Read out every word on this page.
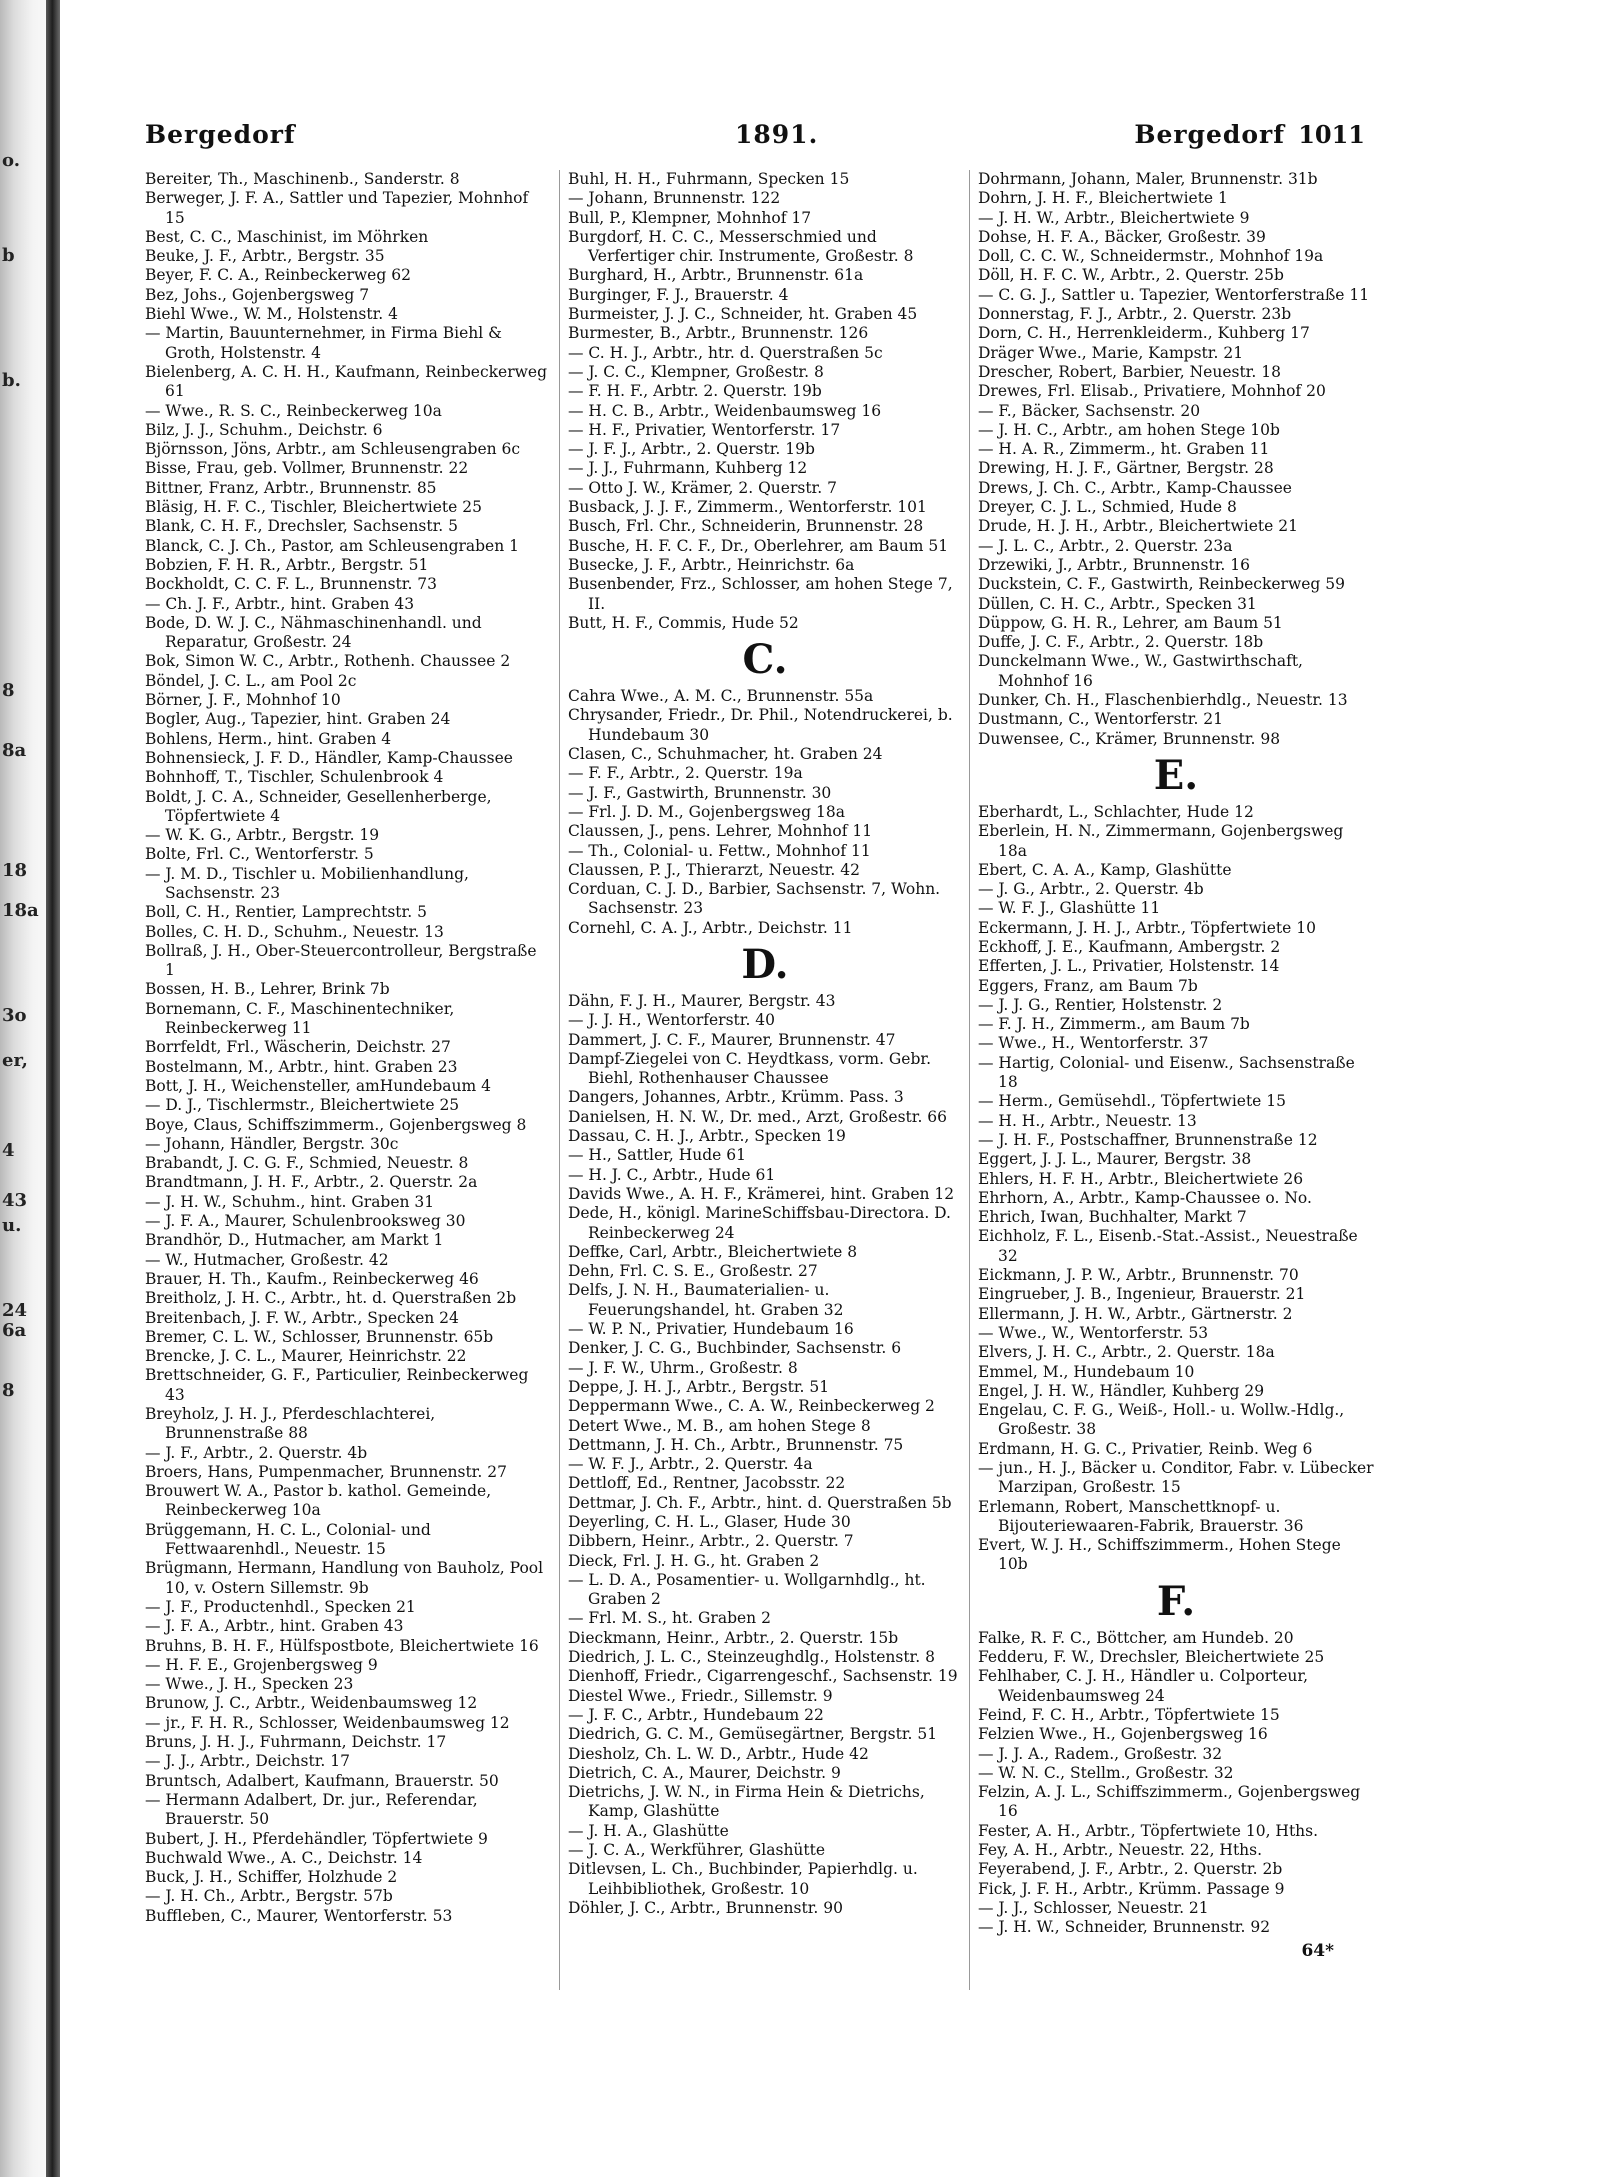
o.
b
b.
8
8a
18
18a
3o
er,
4
43
u.
24
6a
8
Bergedorf	1891.	Bergedorf 1011

Bereiter, Th., Maschinenb., Sanderstr. 8

Berweger, J. F. A., Sattler und Tapezier, Mohnhof 15

Best, C. C., Maschinist, im Möhrken

Beuke, J. F., Arbtr., Bergstr. 35

Beyer, F. C. A., Reinbeckerweg 62

Bez, Johs., Gojenbergsweg 7

Biehl Wwe., W. M., Holstenstr. 4

— Martin, Bauunternehmer, in Firma Biehl & Groth, Holstenstr. 4

Bielenberg, A. C. H. H., Kaufmann, Reinbeckerweg 61

— Wwe., R. S. C., Reinbeckerweg 10a

Bilz, J. J., Schuhm., Deichstr. 6

Björnsson, Jöns, Arbtr., am Schleusengraben 6c

Bisse, Frau, geb. Vollmer, Brunnenstr. 22

Bittner, Franz, Arbtr., Brunnenstr. 85

Bläsig, H. F. C., Tischler, Bleichertwiete 25

Blank, C. H. F., Drechsler, Sachsenstr. 5

Blanck, C. J. Ch., Pastor, am Schleusengraben 1

Bobzien, F. H. R., Arbtr., Bergstr. 51

Bockholdt, C. C. F. L., Brunnenstr. 73

— Ch. J. F., Arbtr., hint. Graben 43

Bode, D. W. J. C., Nähmaschinenhandl. und Reparatur, Großestr. 24

Bok, Simon W. C., Arbtr., Rothenh. Chaussee 2

Böndel, J. C. L., am Pool 2c

Börner, J. F., Mohnhof 10

Bogler, Aug., Tapezier, hint. Graben 24

Bohlens, Herm., hint. Graben 4

Bohnensieck, J. F. D., Händler, Kamp-Chaussee

Bohnhoff, T., Tischler, Schulenbrook 4

Boldt, J. C. A., Schneider, Gesellenherberge, Töpfertwiete 4

— W. K. G., Arbtr., Bergstr. 19

Bolte, Frl. C., Wentorferstr. 5

— J. M. D., Tischler u. Mobilienhandlung, Sachsenstr. 23

Boll, C. H., Rentier, Lamprechtstr. 5

Bolles, C. H. D., Schuhm., Neuestr. 13

Bollraß, J. H., Ober-Steuercontrolleur, Bergstraße 1

Bossen, H. B., Lehrer, Brink 7b

Bornemann, C. F., Maschinentechniker, Reinbeckerweg 11

Borrfeldt, Frl., Wäscherin, Deichstr. 27

Bostelmann, M., Arbtr., hint. Graben 23

Bott, J. H., Weichensteller, amHundebaum 4

— D. J., Tischlermstr., Bleichertwiete 25

Boye, Claus, Schiffszimmerm., Gojenbergsweg 8

— Johann, Händler, Bergstr. 30c

Brabandt, J. C. G. F., Schmied, Neuestr. 8

Brandtmann, J. H. F., Arbtr., 2. Querstr. 2a

— J. H. W., Schuhm., hint. Graben 31

— J. F. A., Maurer, Schulenbrooksweg 30

Brandhör, D., Hutmacher, am Markt 1

— W., Hutmacher, Großestr. 42

Brauer, H. Th., Kaufm., Reinbeckerweg 46

Breitholz, J. H. C., Arbtr., ht. d. Querstraßen 2b

Breitenbach, J. F. W., Arbtr., Specken 24

Bremer, C. L. W., Schlosser, Brunnenstr. 65b

Brencke, J. C. L., Maurer, Heinrichstr. 22

Brettschneider, G. F., Particulier, Reinbeckerweg 43

Breyholz, J. H. J., Pferdeschlachterei, Brunnenstraße 88

— J. F., Arbtr., 2. Querstr. 4b

Broers, Hans, Pumpenmacher, Brunnenstr. 27

Brouwert W. A., Pastor b. kathol. Gemeinde, Reinbeckerweg 10a

Brüggemann, H. C. L., Colonial- und Fettwaarenhdl., Neuestr. 15

Brügmann, Hermann, Handlung von Bauholz, Pool 10, v. Ostern Sillemstr. 9b

— J. F., Productenhdl., Specken 21

— J. F. A., Arbtr., hint. Graben 43

Bruhns, B. H. F., Hülfspostbote, Bleichertwiete 16

— H. F. E., Grojenbergsweg 9

— Wwe., J. H., Specken 23

Brunow, J. C., Arbtr., Weidenbaumsweg 12

— jr., F. H. R., Schlosser, Weidenbaumsweg 12

Bruns, J. H. J., Fuhrmann, Deichstr. 17

— J. J., Arbtr., Deichstr. 17

Bruntsch, Adalbert, Kaufmann, Brauerstr. 50

— Hermann Adalbert, Dr. jur., Referendar, Brauerstr. 50

Bubert, J. H., Pferdehändler, Töpfertwiete 9

Buchwald Wwe., A. C., Deichstr. 14

Buck, J. H., Schiffer, Holzhude 2

— J. H. Ch., Arbtr., Bergstr. 57b

Buffleben, C., Maurer, Wentorferstr. 53

Buhl, H. H., Fuhrmann, Specken 15

— Johann, Brunnenstr. 122

Bull, P., Klempner, Mohnhof 17

Burgdorf, H. C. C., Messerschmied und Verfertiger chir. Instrumente, Großestr. 8

Burghard, H., Arbtr., Brunnenstr. 61a

Burginger, F. J., Brauerstr. 4

Burmeister, J. J. C., Schneider, ht. Graben 45

Burmester, B., Arbtr., Brunnenstr. 126

— C. H. J., Arbtr., htr. d. Querstraßen 5c

— J. C. C., Klempner, Großestr. 8

— F. H. F., Arbtr. 2. Querstr. 19b

— H. C. B., Arbtr., Weidenbaumsweg 16

— H. F., Privatier, Wentorferstr. 17

— J. F. J., Arbtr., 2. Querstr. 19b

— J. J., Fuhrmann, Kuhberg 12

— Otto J. W., Krämer, 2. Querstr. 7

Busback, J. J. F., Zimmerm., Wentorferstr. 101

Busch, Frl. Chr., Schneiderin, Brunnenstr. 28

Busche, H. F. C. F., Dr., Oberlehrer, am Baum 51

Busecke, J. F., Arbtr., Heinrichstr. 6a

Busenbender, Frz., Schlosser, am hohen Stege 7, II.

Butt, H. F., Commis, Hude 52

C.

Cahra Wwe., A. M. C., Brunnenstr. 55a

Chrysander, Friedr., Dr. Phil., Notendruckerei, b. Hundebaum 30

Clasen, C., Schuhmacher, ht. Graben 24

— F. F., Arbtr., 2. Querstr. 19a

— J. F., Gastwirth, Brunnenstr. 30

— Frl. J. D. M., Gojenbergsweg 18a

Claussen, J., pens. Lehrer, Mohnhof 11

— Th., Colonial- u. Fettw., Mohnhof 11

Claussen, P. J., Thierarzt, Neuestr. 42

Corduan, C. J. D., Barbier, Sachsenstr. 7, Wohn. Sachsenstr. 23

Cornehl, C. A. J., Arbtr., Deichstr. 11

D.

Dähn, F. J. H., Maurer, Bergstr. 43

— J. J. H., Wentorferstr. 40

Dammert, J. C. F., Maurer, Brunnenstr. 47

Dampf-Ziegelei von C. Heydtkass, vorm. Gebr. Biehl, Rothenhauser Chaussee

Dangers, Johannes, Arbtr., Krümm. Pass. 3

Danielsen, H. N. W., Dr. med., Arzt, Großestr. 66

Dassau, C. H. J., Arbtr., Specken 19

— H., Sattler, Hude 61

— H. J. C., Arbtr., Hude 61

Davids Wwe., A. H. F., Krämerei, hint. Graben 12

Dede, H., königl. MarineSchiffsbau-Directora. D. Reinbeckerweg 24

Deffke, Carl, Arbtr., Bleichertwiete 8

Dehn, Frl. C. S. E., Großestr. 27

Delfs, J. N. H., Baumaterialien- u. Feuerungshandel, ht. Graben 32

— W. P. N., Privatier, Hundebaum 16

Denker, J. C. G., Buchbinder, Sachsenstr. 6

— J. F. W., Uhrm., Großestr. 8

Deppe, J. H. J., Arbtr., Bergstr. 51

Deppermann Wwe., C. A. W., Reinbeckerweg 2

Detert Wwe., M. B., am hohen Stege 8

Dettmann, J. H. Ch., Arbtr., Brunnenstr. 75

— W. F. J., Arbtr., 2. Querstr. 4a

Dettloff, Ed., Rentner, Jacobsstr. 22

Dettmar, J. Ch. F., Arbtr., hint. d. Querstraßen 5b

Deyerling, C. H. L., Glaser, Hude 30

Dibbern, Heinr., Arbtr., 2. Querstr. 7

Dieck, Frl. J. H. G., ht. Graben 2

— L. D. A., Posamentier- u. Wollgarnhdlg., ht. Graben 2

— Frl. M. S., ht. Graben 2

Dieckmann, Heinr., Arbtr., 2. Querstr. 15b

Diedrich, J. L. C., Steinzeughdlg., Holstenstr. 8

Dienhoff, Friedr., Cigarrengeschf., Sachsenstr. 19

Diestel Wwe., Friedr., Sillemstr. 9

— J. F. C., Arbtr., Hundebaum 22

Diedrich, G. C. M., Gemüsegärtner, Bergstr. 51

Diesholz, Ch. L. W. D., Arbtr., Hude 42

Dietrich, C. A., Maurer, Deichstr. 9

Dietrichs, J. W. N., in Firma Hein & Dietrichs, Kamp, Glashütte

— J. H. A., Glashütte

— J. C. A., Werkführer, Glashütte

Ditlevsen, L. Ch., Buchbinder, Papierhdlg. u. Leihbibliothek, Großestr. 10

Döhler, J. C., Arbtr., Brunnenstr. 90

Dohrmann, Johann, Maler, Brunnenstr. 31b

Dohrn, J. H. F., Bleichertwiete 1

— J. H. W., Arbtr., Bleichertwiete 9

Dohse, H. F. A., Bäcker, Großestr. 39

Doll, C. C. W., Schneidermstr., Mohnhof 19a

Döll, H. F. C. W., Arbtr., 2. Querstr. 25b

— C. G. J., Sattler u. Tapezier, Wentorferstraße 11

Donnerstag, F. J., Arbtr., 2. Querstr. 23b

Dorn, C. H., Herrenkleiderm., Kuhberg 17

Dräger Wwe., Marie, Kampstr. 21

Drescher, Robert, Barbier, Neuestr. 18

Drewes, Frl. Elisab., Privatiere, Mohnhof 20

— F., Bäcker, Sachsenstr. 20

— J. H. C., Arbtr., am hohen Stege 10b

— H. A. R., Zimmerm., ht. Graben 11

Drewing, H. J. F., Gärtner, Bergstr. 28

Drews, J. Ch. C., Arbtr., Kamp-Chaussee

Dreyer, C. J. L., Schmied, Hude 8

Drude, H. J. H., Arbtr., Bleichertwiete 21

— J. L. C., Arbtr., 2. Querstr. 23a

Drzewiki, J., Arbtr., Brunnenstr. 16

Duckstein, C. F., Gastwirth, Reinbeckerweg 59

Düllen, C. H. C., Arbtr., Specken 31

Düppow, G. H. R., Lehrer, am Baum 51

Duffe, J. C. F., Arbtr., 2. Querstr. 18b

Dunckelmann Wwe., W., Gastwirthschaft, Mohnhof 16

Dunker, Ch. H., Flaschenbierhdlg., Neuestr. 13

Dustmann, C., Wentorferstr. 21

Duwensee, C., Krämer, Brunnenstr. 98

E.

Eberhardt, L., Schlachter, Hude 12

Eberlein, H. N., Zimmermann, Gojenbergsweg 18a

Ebert, C. A. A., Kamp, Glashütte

— J. G., Arbtr., 2. Querstr. 4b

— W. F. J., Glashütte 11

Eckermann, J. H. J., Arbtr., Töpfertwiete 10

Eckhoff, J. E., Kaufmann, Ambergstr. 2

Efferten, J. L., Privatier, Holstenstr. 14

Eggers, Franz, am Baum 7b

— J. J. G., Rentier, Holstenstr. 2

— F. J. H., Zimmerm., am Baum 7b

— Wwe., H., Wentorferstr. 37

— Hartig, Colonial- und Eisenw., Sachsenstraße 18

— Herm., Gemüsehdl., Töpfertwiete 15

— H. H., Arbtr., Neuestr. 13

— J. H. F., Postschaffner, Brunnenstraße 12

Eggert, J. J. L., Maurer, Bergstr. 38

Ehlers, H. F. H., Arbtr., Bleichertwiete 26

Ehrhorn, A., Arbtr., Kamp-Chaussee o. No.

Ehrich, Iwan, Buchhalter, Markt 7

Eichholz, F. L., Eisenb.-Stat.-Assist., Neuestraße 32

Eickmann, J. P. W., Arbtr., Brunnenstr. 70

Eingrueber, J. B., Ingenieur, Brauerstr. 21

Ellermann, J. H. W., Arbtr., Gärtnerstr. 2

— Wwe., W., Wentorferstr. 53

Elvers, J. H. C., Arbtr., 2. Querstr. 18a

Emmel, M., Hundebaum 10

Engel, J. H. W., Händler, Kuhberg 29

Engelau, C. F. G., Weiß-, Holl.- u. Wollw.-Hdlg., Großestr. 38

Erdmann, H. G. C., Privatier, Reinb. Weg 6

— jun., H. J., Bäcker u. Conditor, Fabr. v. Lübecker Marzipan, Großestr. 15

Erlemann, Robert, Manschettknopf- u. Bijouteriewaaren-Fabrik, Brauerstr. 36

Evert, W. J. H., Schiffszimmerm., Hohen Stege 10b

F.

Falke, R. F. C., Böttcher, am Hundeb. 20

Fedderu, F. W., Drechsler, Bleichertwiete 25

Fehlhaber, C. J. H., Händler u. Colporteur, Weidenbaumsweg 24

Feind, F. C. H., Arbtr., Töpfertwiete 15

Felzien Wwe., H., Gojenbergsweg 16

— J. J. A., Radem., Großestr. 32

— W. N. C., Stellm., Großestr. 32

Felzin, A. J. L., Schiffszimmerm., Gojenbergsweg 16

Fester, A. H., Arbtr., Töpfertwiete 10, Hths.

Fey, A. H., Arbtr., Neuestr. 22, Hths.

Feyerabend, J. F., Arbtr., 2. Querstr. 2b

Fick, J. F. H., Arbtr., Krümm. Passage 9

— J. J., Schlosser, Neuestr. 21

— J. H. W., Schneider, Brunnenstr. 92

64*
